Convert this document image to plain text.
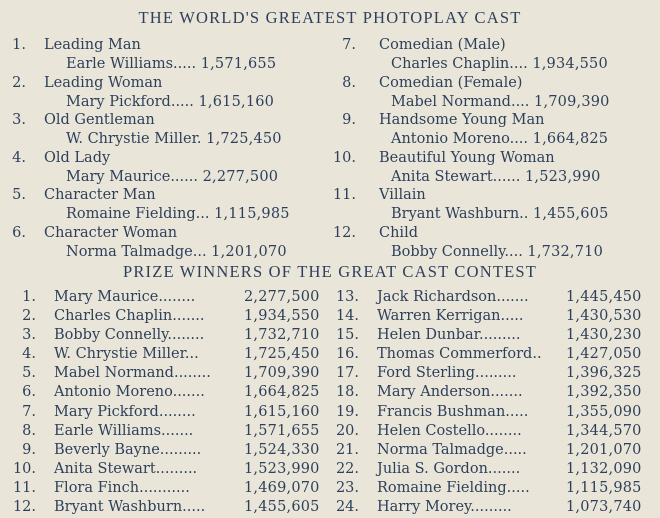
THE WORLD'S GREATEST PHOTOPLAY CAST
1. Leading Man
Earle Williams..... 1,571,655
2. Leading Woman
Mary Pickford..... 1,615,160
3. Old Gentleman
W. Chrystie Miller. 1,725,450
4. Old Lady
Mary Maurice...... 2,277,500
5. Character Man
Romaine Fielding... 1,115,985
6. Character Woman
Norma Talmadge... 1,201,070
7. Comedian (Male)
Charles Chaplin.... 1,934,550
8. Comedian (Female)
Mabel Normand.... 1,709,390
9. Handsome Young Man
Antonio Moreno.... 1,664,825
10. Beautiful Young Woman
Anita Stewart...... 1,523,990
11. Villain
Bryant Washburn.. 1,455,605
12. Child
Bobby Connelly.... 1,732,710
PRIZE WINNERS OF THE GREAT CAST CONTEST
1. Mary Maurice........	2,277,500
2. Charles Chaplin.......	1,934,550
3. Bobby Connelly........	1,732,710
4. W. Chrystie Miller...	1,725,450
5. Mabel Normand........ 1,709,390
6. Antonio Moreno.......	1,664,825
7. Mary Pickford........	1,615,160
8. Earle Williams.......	1,571,655
9. Beverly Bayne.........	1,524,330
10. Anita Stewart.........	1,523,990
11. Flora Finch...........	1,469,070
12. Bryant Washburn.....	1,455,605
13. Jack Richardson.......	1,445,450
14. Warren Kerrigan.....	1,430,530
15. Helen Dunbar.........	1,430,230
16. Thomas Commerford.. 1,427,050
17. Ford Sterling.........	1,396,325
18. Mary Anderson.......	1,392,350
19. Francis Bushman.....	1,355,090
20. Helen Costello........	1,344,570
21. Norma Talmadge.....	1,201,070
22. Julia S. Gordon.......	1,132,090
23. Romaine Fielding.....	1,115,985
24. Harry Morey.........	1,073,740
